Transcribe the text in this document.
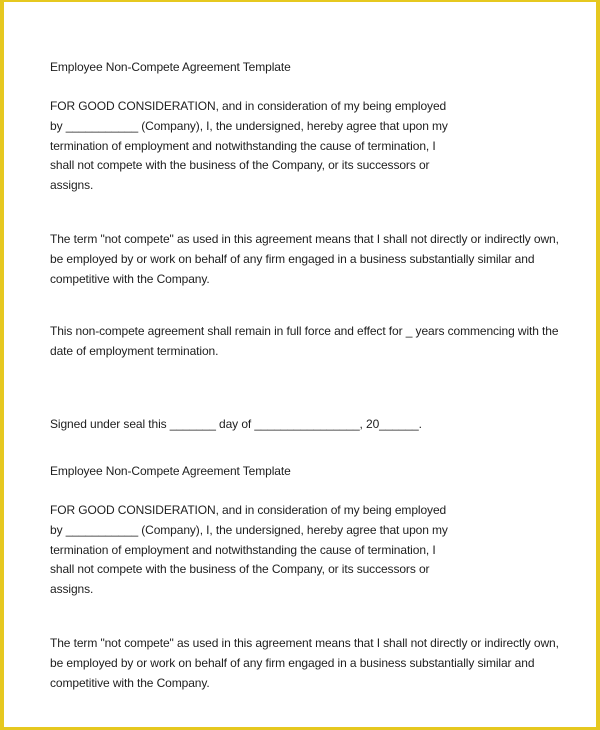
Employee Non-Compete Agreement Template
FOR GOOD CONSIDERATION, and in consideration of my being employed
by ___________ (Company), I, the undersigned, hereby agree that upon my
termination of employment and notwithstanding the cause of termination, I
shall not compete with the business of the Company, or its successors or
assigns.
The term "not compete" as used in this agreement means that I shall not directly or indirectly own,
be employed by or work on behalf of any firm engaged in a business substantially similar and
competitive with the Company.
This non-compete agreement shall remain in full force and effect for _ years commencing with the
date of employment termination.
Signed under seal this _______ day of ________________, 20______.
Employee Non-Compete Agreement Template
FOR GOOD CONSIDERATION, and in consideration of my being employed
by ___________ (Company), I, the undersigned, hereby agree that upon my
termination of employment and notwithstanding the cause of termination, I
shall not compete with the business of the Company, or its successors or
assigns.
The term "not compete" as used in this agreement means that I shall not directly or indirectly own,
be employed by or work on behalf of any firm engaged in a business substantially similar and
competitive with the Company.
